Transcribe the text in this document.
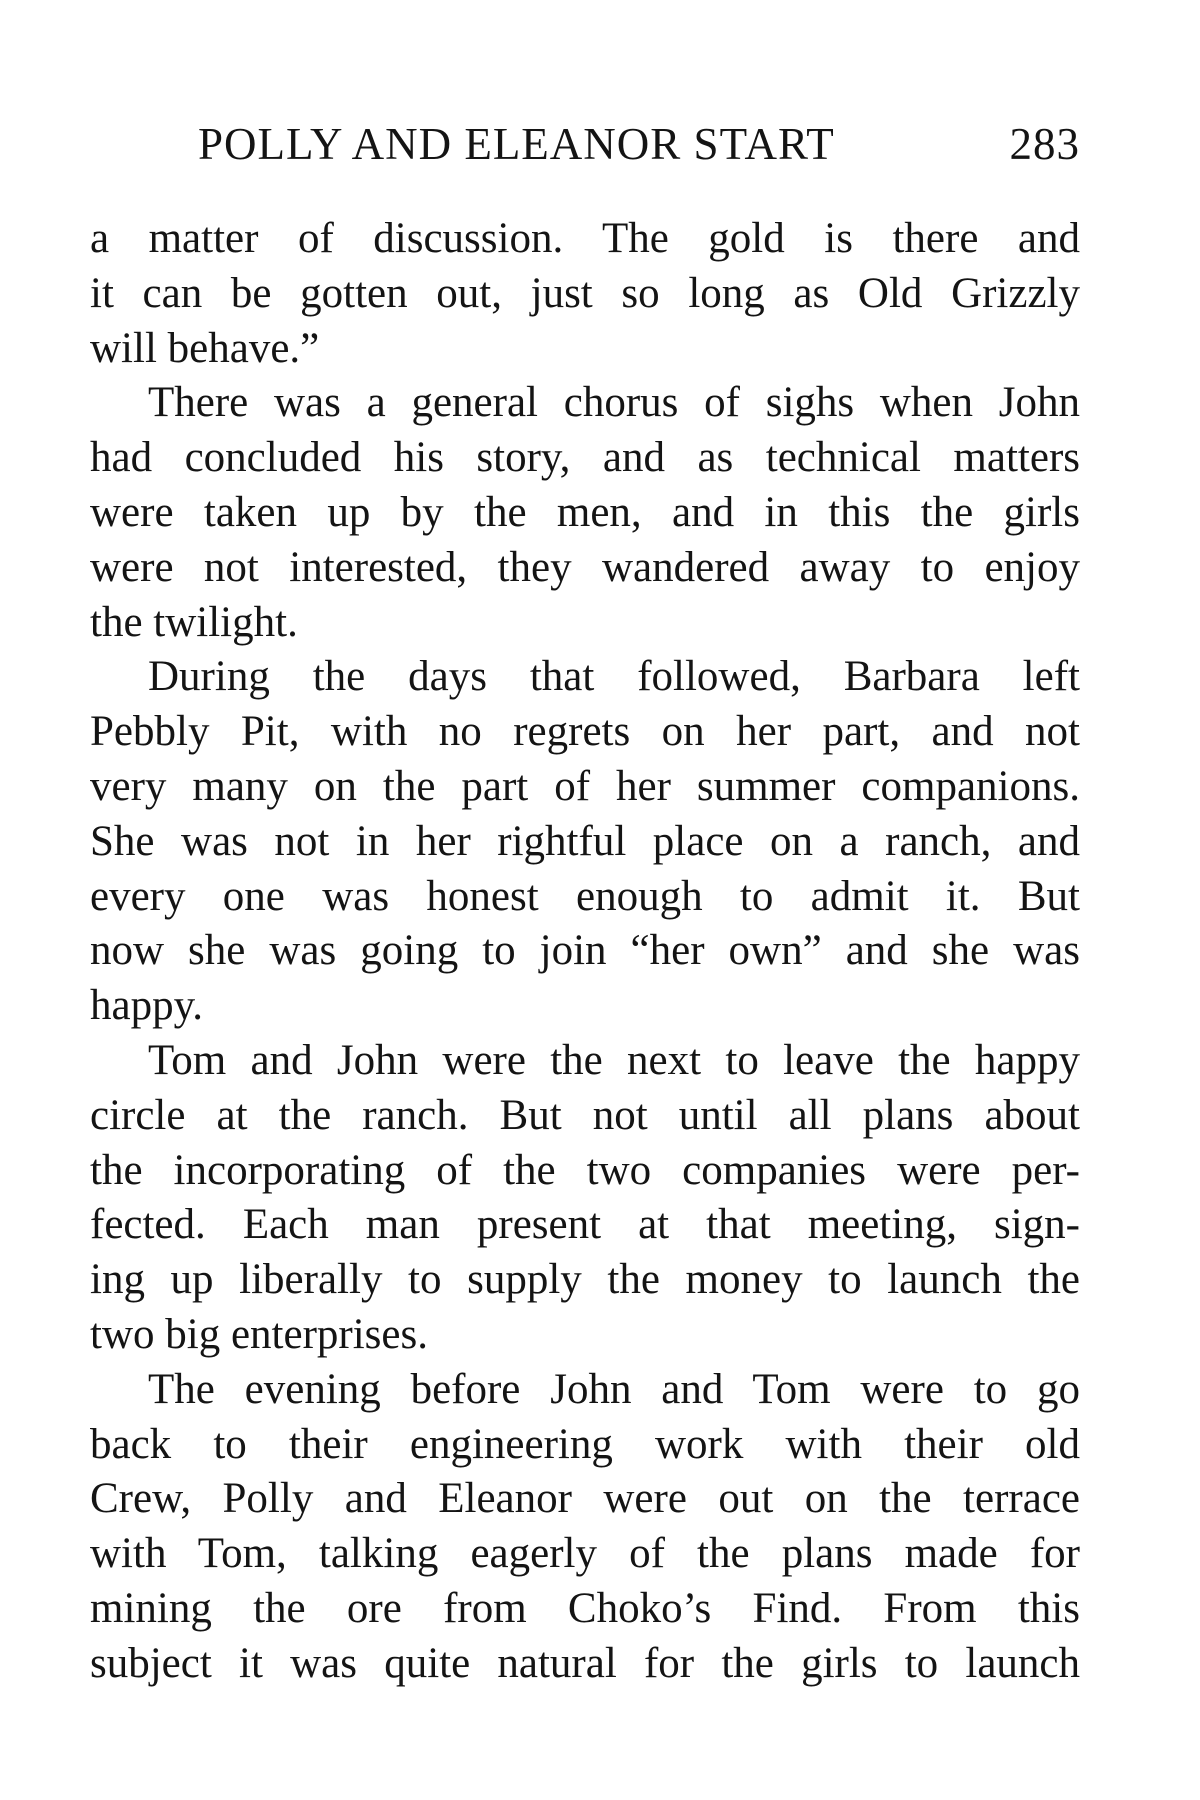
POLLY AND ELEANOR START	283
a matter of discussion. The gold is there and
it can be gotten out, just so long as Old Grizzly
will behave.”
There was a general chorus of sighs when John
had concluded his story, and as technical matters
were taken up by the men, and in this the girls
were not interested, they wandered away to enjoy
the twilight.
During the days that followed, Barbara left
Pebbly Pit, with no regrets on her part, and not
very many on the part of her summer companions.
She was not in her rightful place on a ranch, and
every one was honest enough to admit it. But
now she was going to join “her own” and she was
happy.
Tom and John were the next to leave the happy
circle at the ranch. But not until all plans about
the incorporating of the two companies were per-
fected. Each man present at that meeting, sign-
ing up liberally to supply the money to launch the
two big enterprises.
The evening before John and Tom were to go
back to their engineering work with their old
Crew, Polly and Eleanor were out on the terrace
with Tom, talking eagerly of the plans made for
mining the ore from Choko’s Find. From this
subject it was quite natural for the girls to launch
